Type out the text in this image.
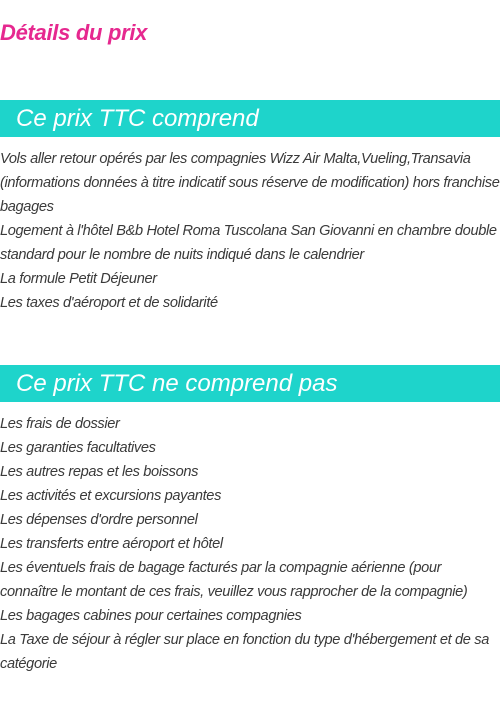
Détails du prix
Ce prix TTC comprend
Vols aller retour opérés par les compagnies Wizz Air Malta,Vueling,Transavia (informations données à titre indicatif sous réserve de modification) hors franchise bagages
Logement à l'hôtel B&b Hotel Roma Tuscolana San Giovanni en chambre double standard pour le nombre de nuits indiqué dans le calendrier
La formule Petit Déjeuner
Les taxes d'aéroport et de solidarité
Ce prix TTC ne comprend pas
Les frais de dossier
Les garanties facultatives
Les autres repas et les boissons
Les activités et excursions payantes
Les dépenses d'ordre personnel
Les transferts entre aéroport et hôtel
Les éventuels frais de bagage facturés par la compagnie aérienne (pour connaître le montant de ces frais, veuillez vous rapprocher de la compagnie)
Les bagages cabines pour certaines compagnies
La Taxe de séjour à régler sur place en fonction du type d'hébergement et de sa catégorie
